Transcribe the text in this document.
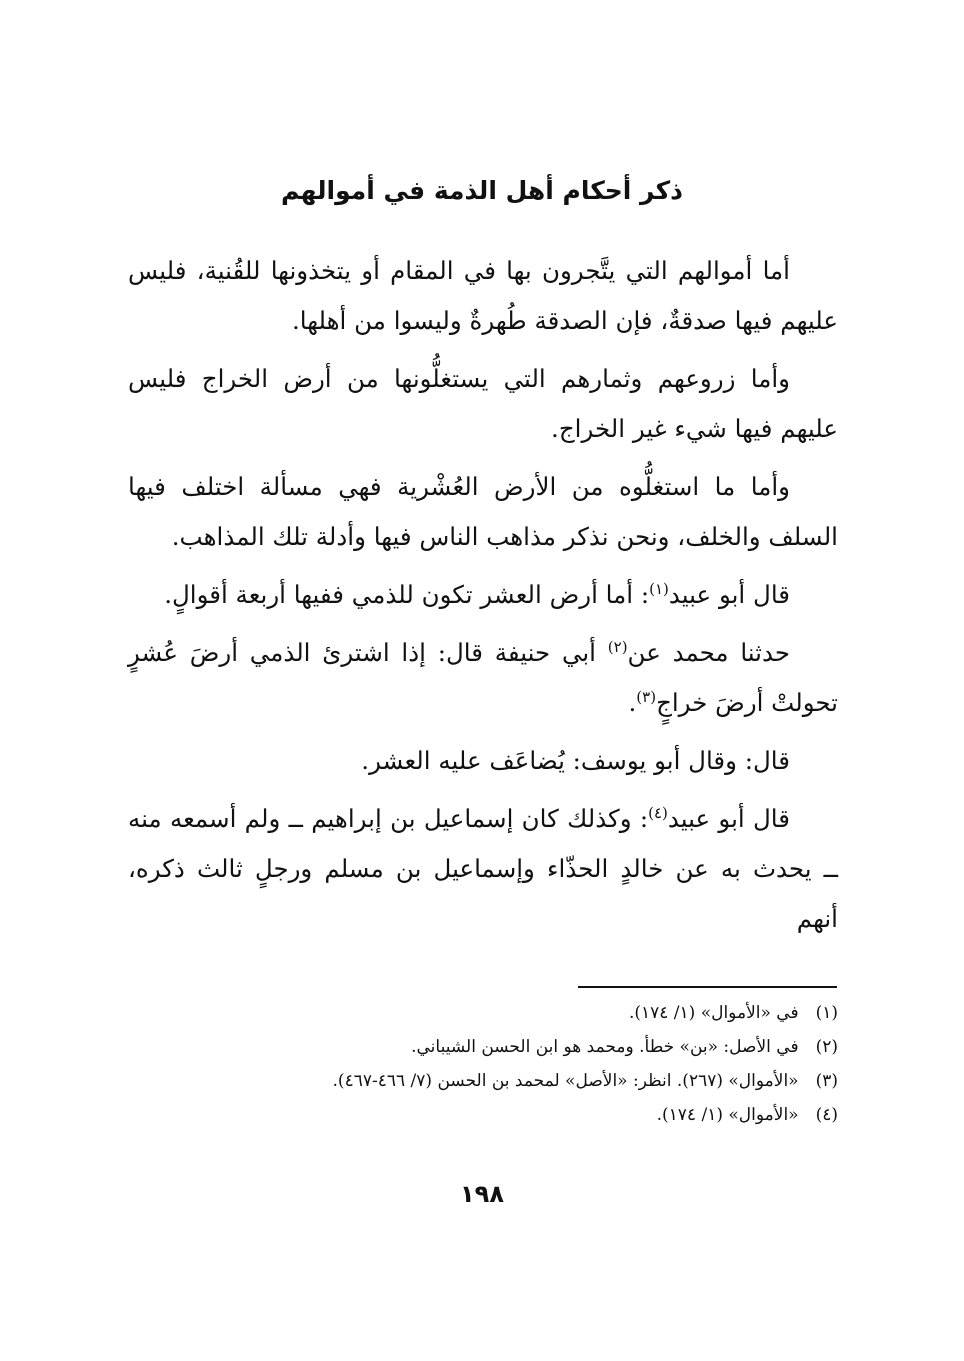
ذكر أحكام أهل الذمة في أموالهم

أما أموالهم التي يتَّجرون بها في المقام أو يتخذونها للقُنية، فليس عليهم فيها صدقةٌ، فإن الصدقة طُهرةٌ وليسوا من أهلها.

وأما زروعهم وثمارهم التي يستغلُّونها من أرض الخراج فليس عليهم فيها شيء غير الخراج.

وأما ما استغلُّوه من الأرض العُشْرية فهي مسألة اختلف فيها السلف والخلف، ونحن نذكر مذاهب الناس فيها وأدلة تلك المذاهب.

قال أبو عبيد$^{(١)}$: أما أرض العشر تكون للذمي ففيها أربعة أقوالٍ.

حدثنا محمد عن$^{(٢)}$ أبي حنيفة قال: إذا اشترئ الذمي أرضَ عُشرٍ تحولتْ أرضَ خراجٍ$^{(٣)}$.

قال: وقال أبو يوسف: يُضاعَف عليه العشر.

قال أبو عبيد$^{(٤)}$: وكذلك كان إسماعيل بن إبراهيم ــ ولم أسمعه منه ــ يحدث به عن خالدٍ الحذّاء وإسماعيل بن مسلم ورجلٍ ثالث ذكره، أنهم

(١) في «الأموال» (١/ ١٧٤).
(٢) في الأصل: «بن» خطأ. ومحمد هو ابن الحسن الشيباني.
(٣) «الأموال» (٢٦٧). انظر: «الأصل» لمحمد بن الحسن (٧/ ٤٦٦-٤٦٧).
(٤) «الأموال» (١/ ١٧٤).
١٩٨
